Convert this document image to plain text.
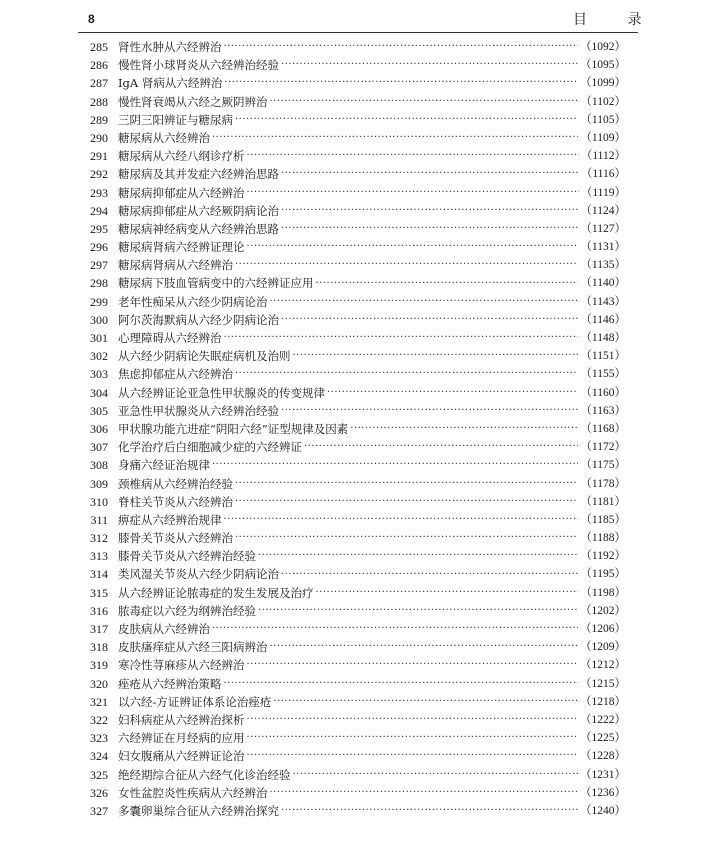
8	目 录
285 肾性水肿从六经辨治 ·····	（1092）
286 慢性肾小球肾炎从六经辨治经验 ·····	（1095）
287 IgA 肾病从六经辨治 ·····	（1099）
288 慢性肾衰竭从六经之厥阴辨治 ·····	（1102）
289 三阴三阳辨证与糖尿病 ·····	（1105）
290 糖尿病从六经辨治 ·····	（1109）
291 糖尿病从六经八纲诊疗析 ·····	（1112）
292 糖尿病及其并发症六经辨治思路 ·····	（1116）
293 糖尿病抑郁症从六经辨治 ·····	（1119）
294 糖尿病抑郁症从六经厥阴病论治 ·····	（1124）
295 糖尿病神经病变从六经辨治思路 ·····	（1127）
296 糖尿病肾病六经辨证理论 ·····	（1131）
297 糖尿病肾病从六经辨治 ·····	（1135）
298 糖尿病下肢血管病变中的六经辨证应用 ·····	（1140）
299 老年性痴呆从六经少阴病论治 ·····	（1143）
300 阿尔茨海默病从六经少阴病论治 ·····	（1146）
301 心理障碍从六经辨治 ·····	（1148）
302 从六经少阴病论失眠症病机及治则 ·····	（1151）
303 焦虑抑郁症从六经辨治 ·····	（1155）
304 从六经辨证论亚急性甲状腺炎的传变规律 ·····	（1160）
305 亚急性甲状腺炎从六经辨治经验 ·····	（1163）
306 甲状腺功能亢进症“阴阳六经”证型规律及因素 ·····	（1168）
307 化学治疗后白细胞减少症的六经辨证 ·····	（1172）
308 身痛六经证治规律 ·····	（1175）
309 颈椎病从六经辨治经验 ·····	（1178）
310 脊柱关节炎从六经辨治 ·····	（1181）
311 痹症从六经辨治规律 ·····	（1185）
312 膝骨关节炎从六经辨治 ·····	（1188）
313 膝骨关节炎从六经辨治经验 ·····	（1192）
314 类风湿关节炎从六经少阴病论治 ·····	（1195）
315 从六经辨证论脓毒症的发生发展及治疗 ·····	（1198）
316 脓毒症以六经为纲辨治经验 ·····	（1202）
317 皮肤病从六经辨治 ·····	（1206）
318 皮肤瘙痒症从六经三阳病辨治 ·····	（1209）
319 寒冷性荨麻疹从六经辨治 ·····	（1212）
320 痤疮从六经辨治策略 ·····	（1215）
321 以六经-方证辨证体系论治痤疮 ·····	（1218）
322 妇科病症从六经辨治探析 ·····	（1222）
323 六经辨证在月经病的应用 ·····	（1225）
324 妇女腹痛从六经辨证论治 ·····	（1228）
325 绝经期综合征从六经气化诊治经验 ·····	（1231）
326 女性盆腔炎性疾病从六经辨治 ·····	（1236）
327 多囊卵巢综合征从六经辨治探究 ·····	（1240）
